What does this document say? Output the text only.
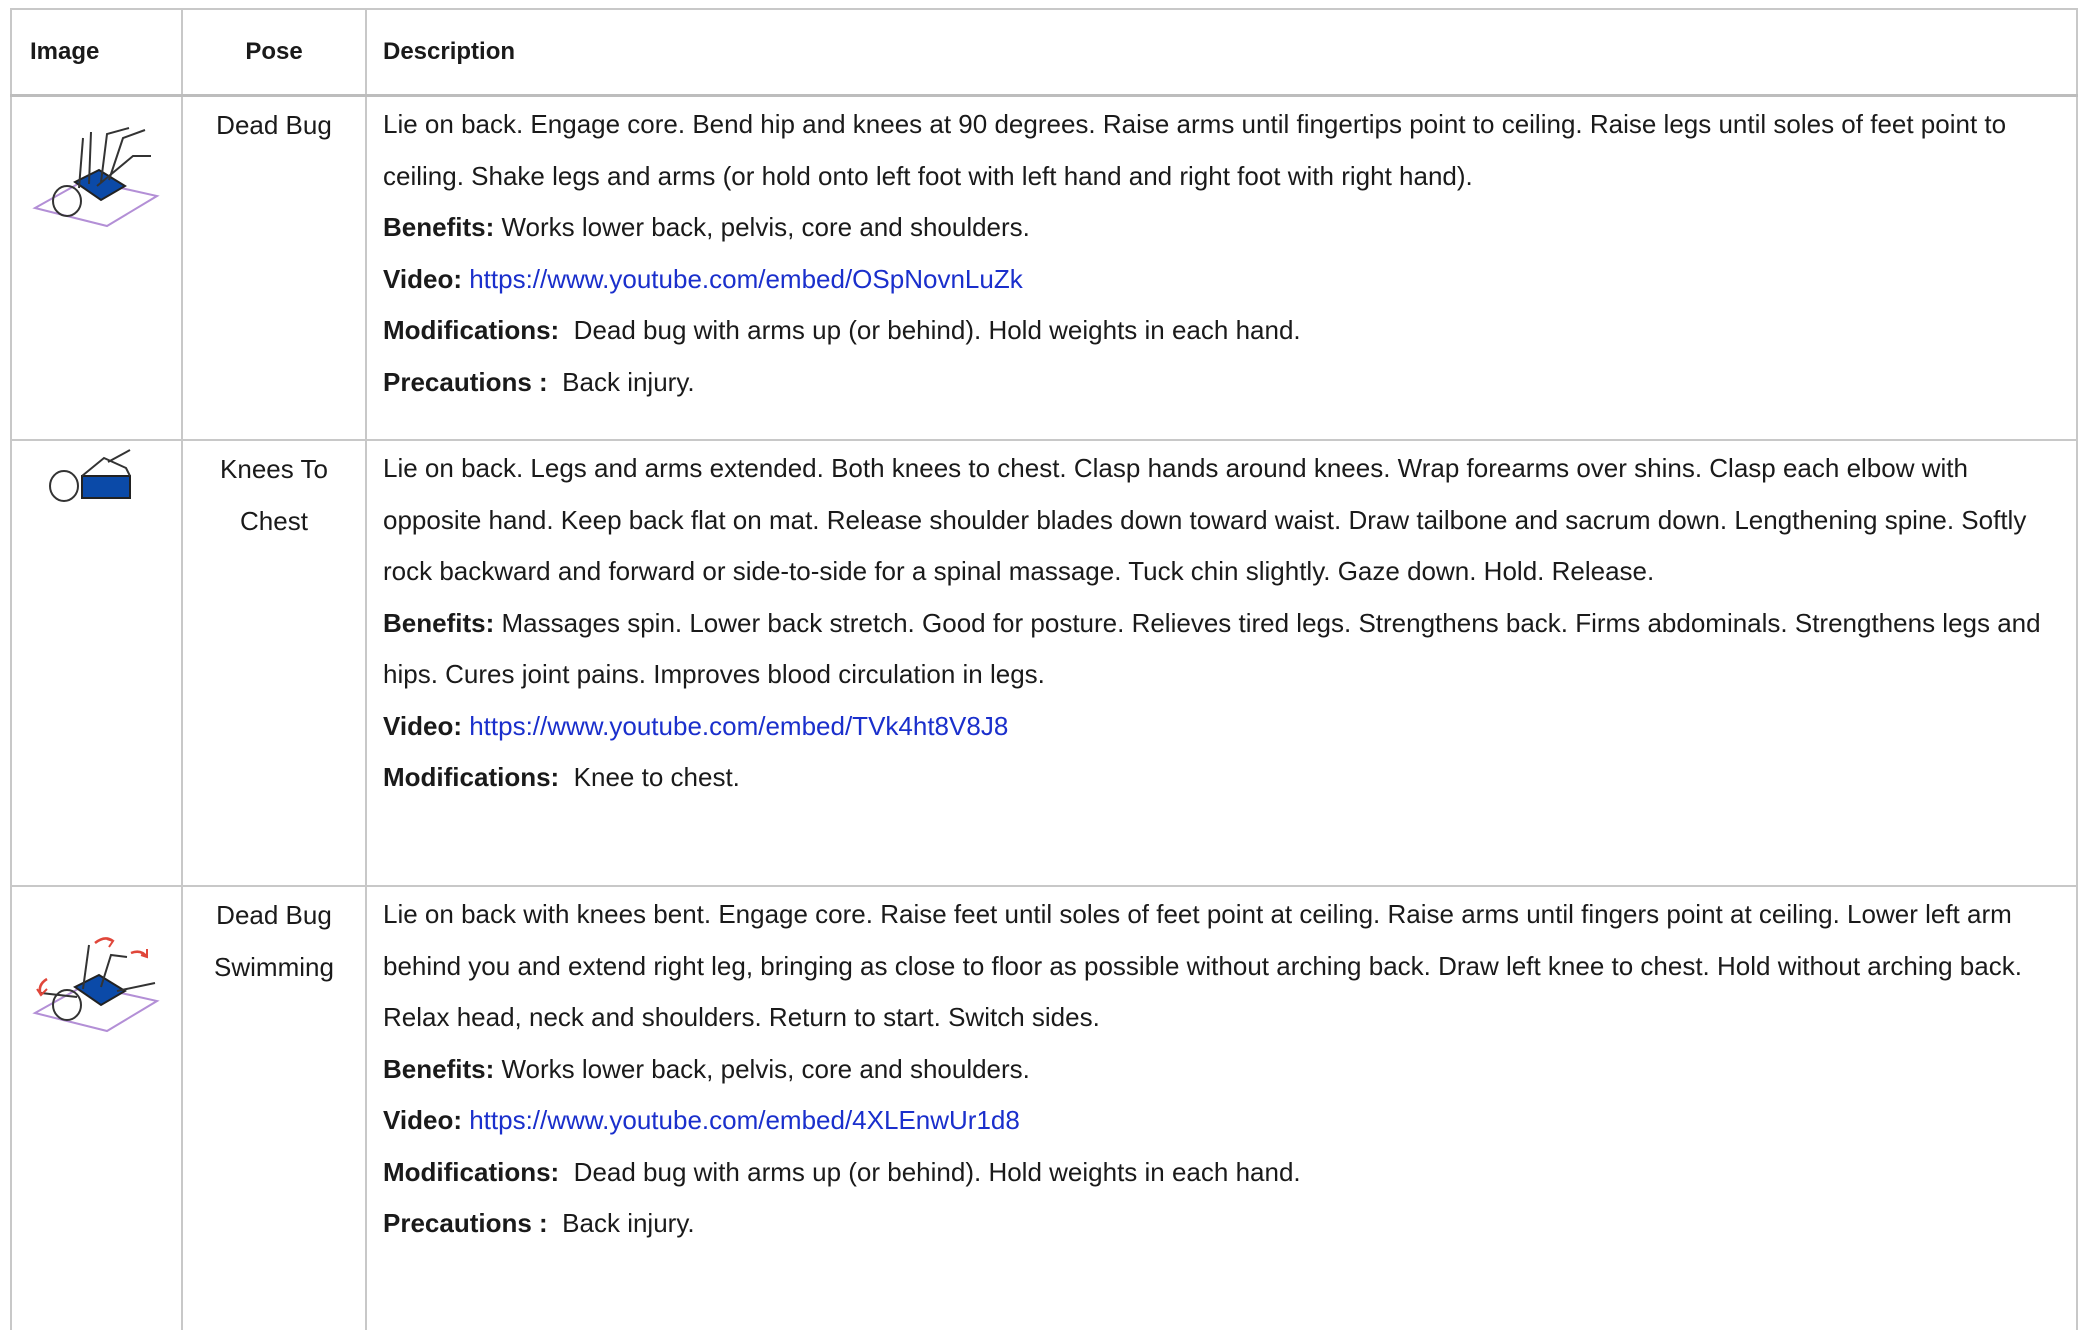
Image	Pose	Description

	Dead Bug	Lie on back. Engage core. Bend hip and knees at 90 degrees. Raise arms until fingertips point to ceiling. Raise legs until soles of feet point to ceiling. Shake legs and arms (or hold onto left foot with left hand and right foot with right hand).

Benefits: Works lower back, pelvis, core and shoulders.

Video: https://www.youtube.com/embed/OSpNovnLuZk

Modifications: Dead bug with arms up (or behind). Hold weights in each hand.

Precautions : Back injury.

	Knees To Chest	Lie on back. Legs and arms extended. Both knees to chest. Clasp hands around knees. Wrap forearms over shins. Clasp each elbow with opposite hand. Keep back flat on mat. Release shoulder blades down toward waist. Draw tailbone and sacrum down. Lengthening spine. Softly rock backward and forward or side-to-side for a spinal massage. Tuck chin slightly. Gaze down. Hold. Release.

Benefits: Massages spin. Lower back stretch. Good for posture. Relieves tired legs. Strengthens back. Firms abdominals. Strengthens legs and hips. Cures joint pains. Improves blood circulation in legs.

Video: https://www.youtube.com/embed/TVk4ht8V8J8

Modifications: Knee to chest.

	Dead Bug Swimming	Lie on back with knees bent. Engage core. Raise feet until soles of feet point at ceiling. Raise arms until fingers point at ceiling. Lower left arm behind you and extend right leg, bringing as close to floor as possible without arching back. Draw left knee to chest. Hold without arching back. Relax head, neck and shoulders. Return to start. Switch sides.

Benefits: Works lower back, pelvis, core and shoulders.

Video: https://www.youtube.com/embed/4XLEnwUr1d8

Modifications: Dead bug with arms up (or behind). Hold weights in each hand.

Precautions : Back injury.
